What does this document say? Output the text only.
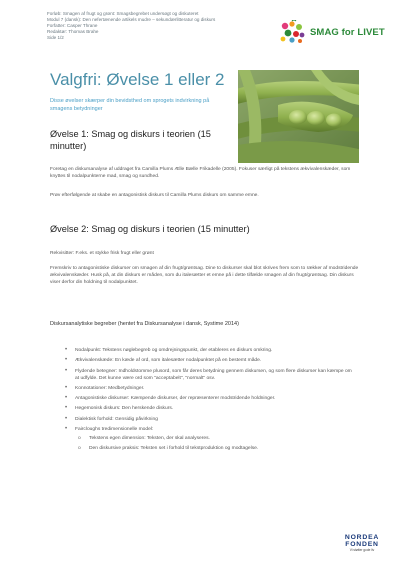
Forløb: Smagen af frugt og grønt: Smagsbegrebet undersøgt og diskuteret
Modul 7 (dansk): Den nefertænende artikels mudre – sekundærlitteratur og diskurs
Forfatter: Casper Thrane
Redaktør: Thomas Brahe
Side 1/2	SMAG for LIVET
Valgfri: Øvelse 1 eller 2
Disse øvelser skærper din bevidsthed om sprogets indvirkning på smagens betydninger
Øvelse 1: Smag og diskurs i teorien (15 minutter)

Foretag en diskursanalyse af uddraget fra Camilla Plums Ælle Bælle Frikadelle (2005). Fokuser særligt på tekstens ækvivalenskæder, som knyttes til nodalpunkterne mad, smag og sundhed.

Prøv efterfølgende at skabe en antagonistisk diskurs til Camilla Plums diskurs om samme emne.

Øvelse 2: Smag og diskurs i teorien (15 minutter)

Rekvisitter: F.eks. et stykke frisk frugt eller grønt

Fremskriv to antagonistiske diskurser om smagen af din frugt/grøntsag. Dine to diskurser skal blot skrives frem som to rækker af modstridende ækvivalenskæder. Husk på, at din diskurs er måden, som du italesætter et emne på i dette tilfælde smagen af din frugt/grøntsag. Din diskurs viser derfor din holdning til nodalpunktet.

Diskursanalytiske begreber (hentet fra Diskursanalyse i dansk, Systime 2014)
• Nodalpunkt: Tekstens nøglebegreb og omdrejningspunkt, der etableres en diskurs omkring.
• Ækvivalenskæde: En kæde af ord, som italesætter nodalpunktet på en bestemt måde.
• Flydende betegner: Indholdstomme plusord, som får deres betydning gennem diskursen, og som flere diskurser kan kæmpe om at udfylde. Det kunne være ord som "acceptabelt", "normalt" osv.
• Konnotationer: Medbetydninger.
• Antagonistiske diskurser: Kæmpende diskurser, der repræsenterer modstridende holdninger.
• Hegemonisk diskurs: Den herskende diskurs.
• Dialektisk forhold: Gensidig påvirkning
• Faircloughs tredimensionelle model:
o Tekstens egen dimension: Teksten, der skal analyseres.
o Den diskursive praksis: Teksten set i forhold til tekstproduktion og modtagelse.
NORDEA
FONDEN
Vi støtter gode liv
